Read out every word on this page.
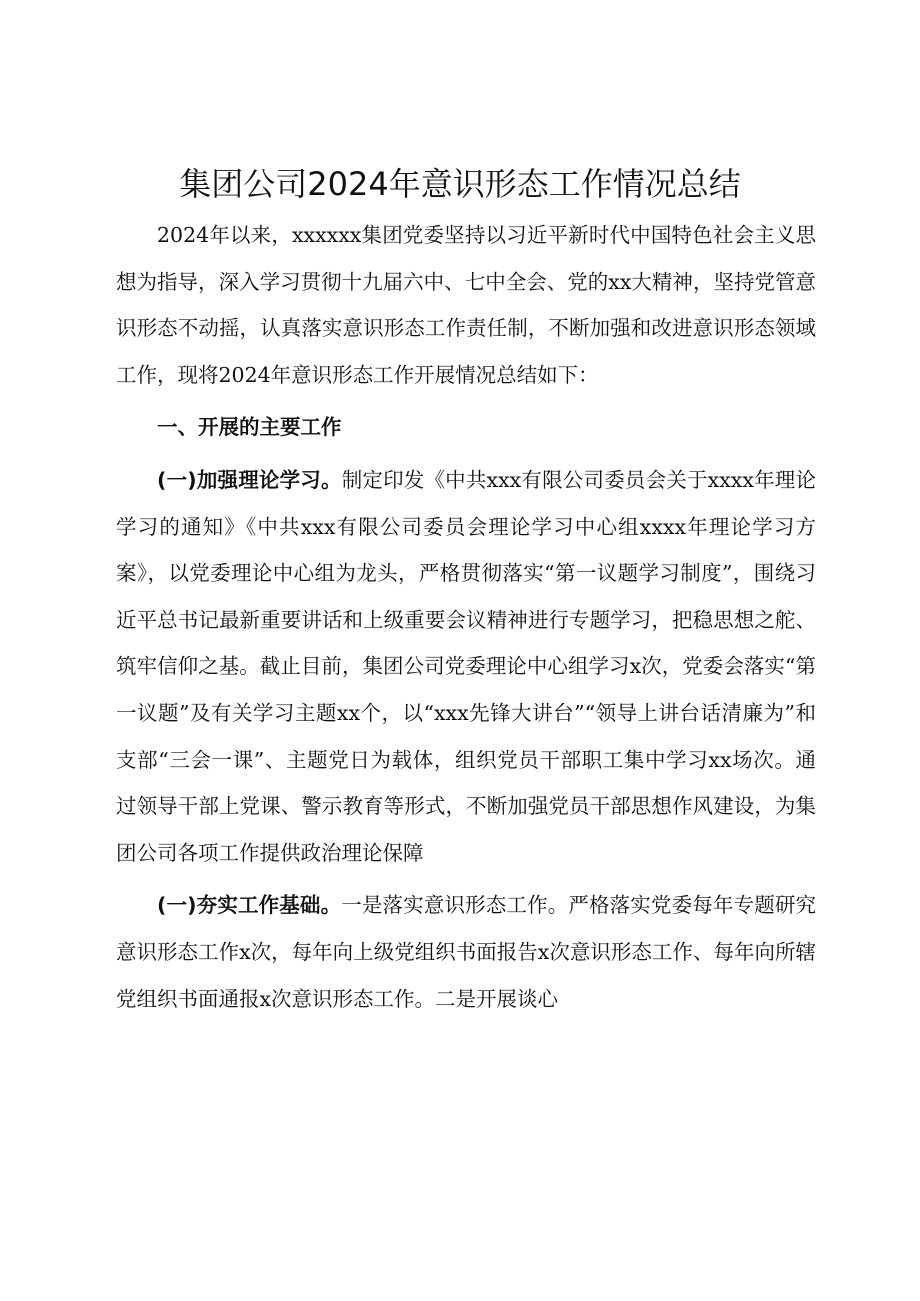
集团公司2024年意识形态工作情况总结

2024年以来，xxxxxx集团党委坚持以习近平新时代中国特色社会主义思想为指导，深入学习贯彻十九届六中、七中全会、党的xx大精神，坚持党管意识形态不动摇，认真落实意识形态工作责任制，不断加强和改进意识形态领域工作，现将2024年意识形态工作开展情况总结如下：

一、开展的主要工作

(一)加强理论学习。制定印发《中共xxx有限公司委员会关于xxxx年理论学习的通知》《中共xxx有限公司委员会理论学习中心组xxxx年理论学习方案》，以党委理论中心组为龙头，严格贯彻落实“第一议题学习制度”，围绕习近平总书记最新重要讲话和上级重要会议精神进行专题学习，把稳思想之舵、筑牢信仰之基。截止目前，集团公司党委理论中心组学习x次，党委会落实“第一议题”及有关学习主题xx个，以“xxx先锋大讲台”“领导上讲台话清廉为”和支部“三会一课”、主题党日为载体，组织党员干部职工集中学习xx场次。通过领导干部上党课、警示教育等形式，不断加强党员干部思想作风建设，为集团公司各项工作提供政治理论保障

(一)夯实工作基础。一是落实意识形态工作。严格落实党委每年专题研究意识形态工作x次，每年向上级党组织书面报告x次意识形态工作、每年向所辖党组织书面通报x次意识形态工作。二是开展谈心
